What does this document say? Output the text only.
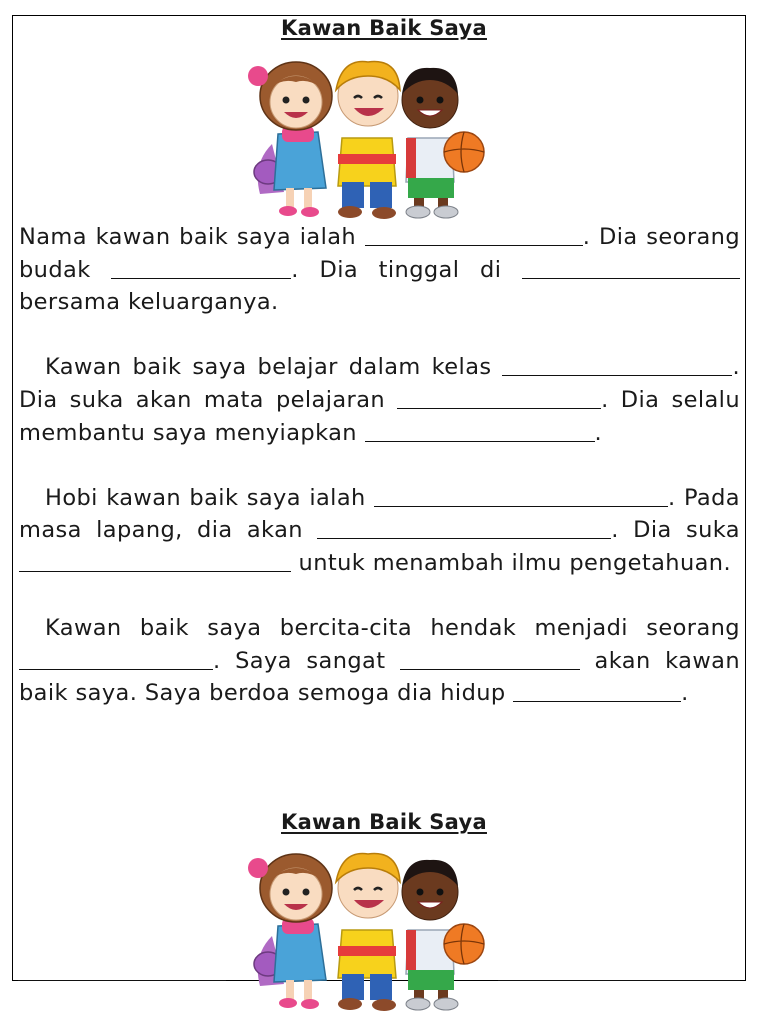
Kawan Baik Saya

Nama kawan baik saya ialah	. Dia seorang budak	. Dia tinggal di  bersama keluarganya.

Kawan baik saya belajar dalam kelas	. Dia suka akan mata pelajaran	. Dia selalu membantu saya menyiapkan	.

Hobi kawan baik saya ialah	. Pada masa lapang, dia akan	. Dia suka  untuk menambah ilmu pengetahuan.

Kawan baik saya bercita-cita hendak menjadi seorang . Saya sangat	akan kawan baik saya. Saya berdoa semoga dia hidup	.

Kawan Baik Saya
